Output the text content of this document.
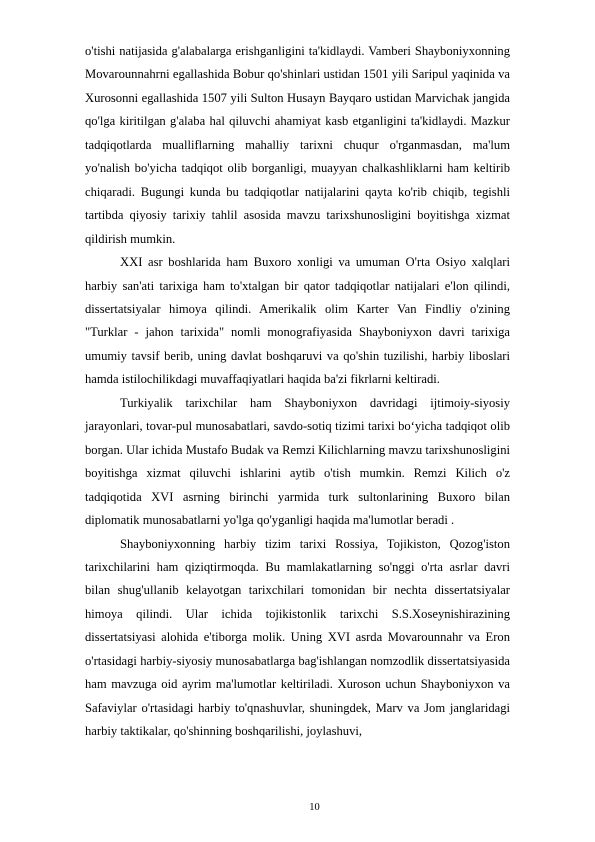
o'tishi natijasida g'alabalarga erishganligini ta'kidlaydi. Vamberi Shayboniyxonning Movarounnahrni egallashida Bobur qo'shinlari ustidan 1501 yili Saripul yaqinida va Xurosonni egallashida 1507 yili Sulton Husayn Bayqaro ustidan Marvichak jangida qo'lga kiritilgan g'alaba hal qiluvchi ahamiyat kasb etganligini ta'kidlaydi. Mazkur tadqiqotlarda mualliflarning mahalliy tarixni chuqur o'rganmasdan, ma'lum yo'nalish bo'yicha tadqiqot olib borganligi, muayyan chalkashliklarni ham keltirib chiqaradi. Bugungi kunda bu tadqiqotlar natijalarini qayta ko'rib chiqib, tegishli tartibda qiyosiy tarixiy tahlil asosida mavzu tarixshunosligini boyitishga xizmat qildirish mumkin.

XXI asr boshlarida ham Buxoro xonligi va umuman O'rta Osiyo xalqlari harbiy san'ati tarixiga ham to'xtalgan bir qator tadqiqotlar natijalari e'lon qilindi, dissertatsiyalar himoya qilindi. Amerikalik olim Karter Van Findliy o'zining "Turklar - jahon tarixida" nomli monografiyasida Shayboniyxon davri tarixiga umumiy tavsif berib, uning davlat boshqaruvi va qo'shin tuzilishi, harbiy liboslari hamda istilochilikdagi muvaffaqiyatlari haqida ba'zi fikrlarni keltiradi.

Turkiyalik tarixchilar ham Shayboniyxon davridagi ijtimoiy-siyosiy jarayonlari, tovar-pul munosabatlari, savdo-sotiq tizimi tarixi boʻyicha tadqiqot olib borgan. Ular ichida Mustafo Budak va Remzi Kilichlarning mavzu tarixshunosligini boyitishga xizmat qiluvchi ishlarini aytib o'tish mumkin. Remzi Kilich o'z tadqiqotida XVI asrning birinchi yarmida turk sultonlarining Buxoro bilan diplomatik munosabatlarni yo'lga qo'yganligi haqida ma'lumotlar beradi .

Shayboniyxonning harbiy tizim tarixi Rossiya, Tojikiston, Qozog'iston tarixchilarini ham qiziqtirmoqda. Bu mamlakatlarning so'nggi o'rta asrlar davri bilan shug'ullanib kelayotgan tarixchilari tomonidan bir nechta dissertatsiyalar himoya qilindi. Ular ichida tojikistonlik tarixchi S.S.Xoseynishirazining dissertatsiyasi alohida e'tiborga molik. Uning XVI asrda Movarounnahr va Eron o'rtasidagi harbiy-siyosiy munosabatlarga bag'ishlangan nomzodlik dissertatsiyasida ham mavzuga oid ayrim ma'lumotlar keltiriladi. Xuroson uchun Shayboniyxon va Safaviylar o'rtasidagi harbiy to'qnashuvlar, shuningdek, Marv va Jom janglaridagi harbiy taktikalar, qo'shinning boshqarilishi, joylashuvi,

10
